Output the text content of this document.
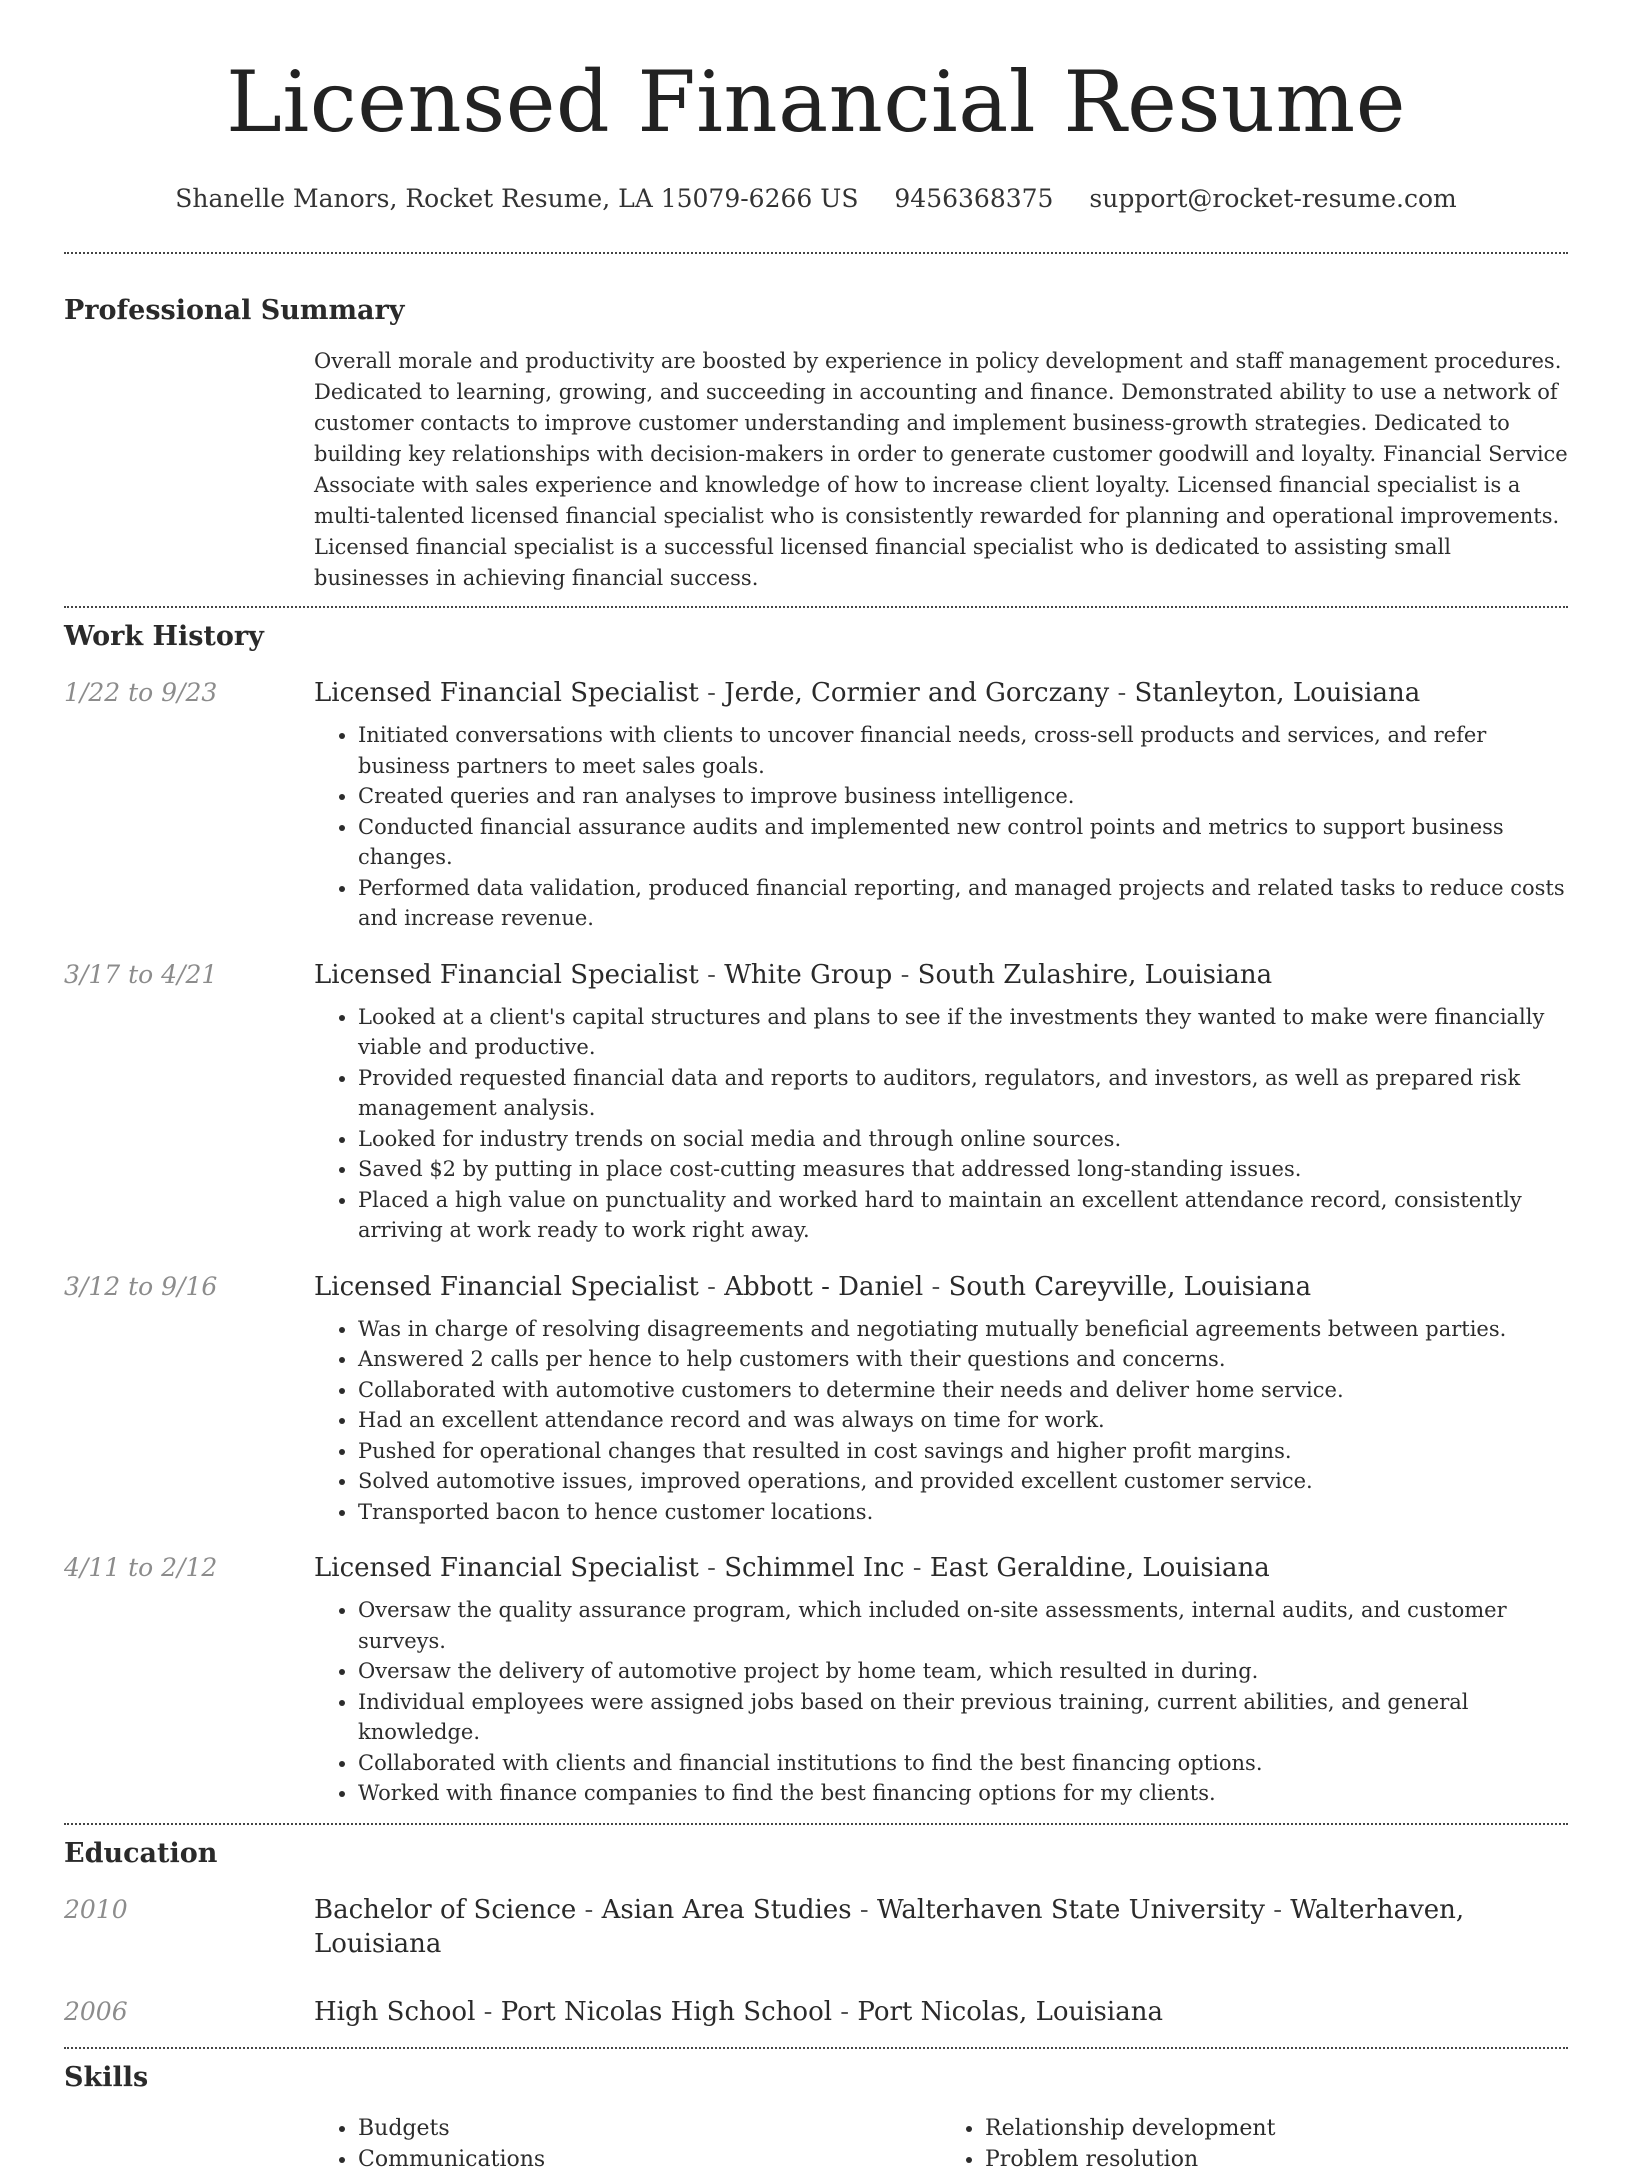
Licensed Financial Resume
Shanelle Manors, Rocket Resume, LA 15079-6266 US 9456368375 support@rocket-resume.com
Professional Summary
Overall morale and productivity are boosted by experience in policy development and staff management procedures. Dedicated to learning, growing, and succeeding in accounting and finance. Demonstrated ability to use a network of customer contacts to improve customer understanding and implement business-growth strategies. Dedicated to building key relationships with decision-makers in order to generate customer goodwill and loyalty. Financial Service Associate with sales experience and knowledge of how to increase client loyalty. Licensed financial specialist is a multi-talented licensed financial specialist who is consistently rewarded for planning and operational improvements. Licensed financial specialist is a successful licensed financial specialist who is dedicated to assisting small businesses in achieving financial success.
Work History
1/22 to 9/23	Licensed Financial Specialist - Jerde, Cormier and Gorczany - Stanleyton, Louisiana
• Initiated conversations with clients to uncover financial needs, cross-sell products and services, and refer business partners to meet sales goals.
• Created queries and ran analyses to improve business intelligence.
• Conducted financial assurance audits and implemented new control points and metrics to support business changes.
• Performed data validation, produced financial reporting, and managed projects and related tasks to reduce costs and increase revenue.
3/17 to 4/21	Licensed Financial Specialist - White Group - South Zulashire, Louisiana
• Looked at a client's capital structures and plans to see if the investments they wanted to make were financially viable and productive.
• Provided requested financial data and reports to auditors, regulators, and investors, as well as prepared risk management analysis.
• Looked for industry trends on social media and through online sources.
• Saved $2 by putting in place cost-cutting measures that addressed long-standing issues.
• Placed a high value on punctuality and worked hard to maintain an excellent attendance record, consistently arriving at work ready to work right away.
3/12 to 9/16	Licensed Financial Specialist - Abbott - Daniel - South Careyville, Louisiana
• Was in charge of resolving disagreements and negotiating mutually beneficial agreements between parties.
• Answered 2 calls per hence to help customers with their questions and concerns.
• Collaborated with automotive customers to determine their needs and deliver home service.
• Had an excellent attendance record and was always on time for work.
• Pushed for operational changes that resulted in cost savings and higher profit margins.
• Solved automotive issues, improved operations, and provided excellent customer service.
• Transported bacon to hence customer locations.
4/11 to 2/12	Licensed Financial Specialist - Schimmel Inc - East Geraldine, Louisiana
• Oversaw the quality assurance program, which included on-site assessments, internal audits, and customer surveys.
• Oversaw the delivery of automotive project by home team, which resulted in during.
• Individual employees were assigned jobs based on their previous training, current abilities, and general knowledge.
• Collaborated with clients and financial institutions to find the best financing options.
• Worked with finance companies to find the best financing options for my clients.
Education
2010	Bachelor of Science - Asian Area Studies - Walterhaven State University - Walterhaven, Louisiana
2006	High School - Port Nicolas High School - Port Nicolas, Louisiana
Skills
• Budgets
• Communications
• Relationship development
• Problem resolution
